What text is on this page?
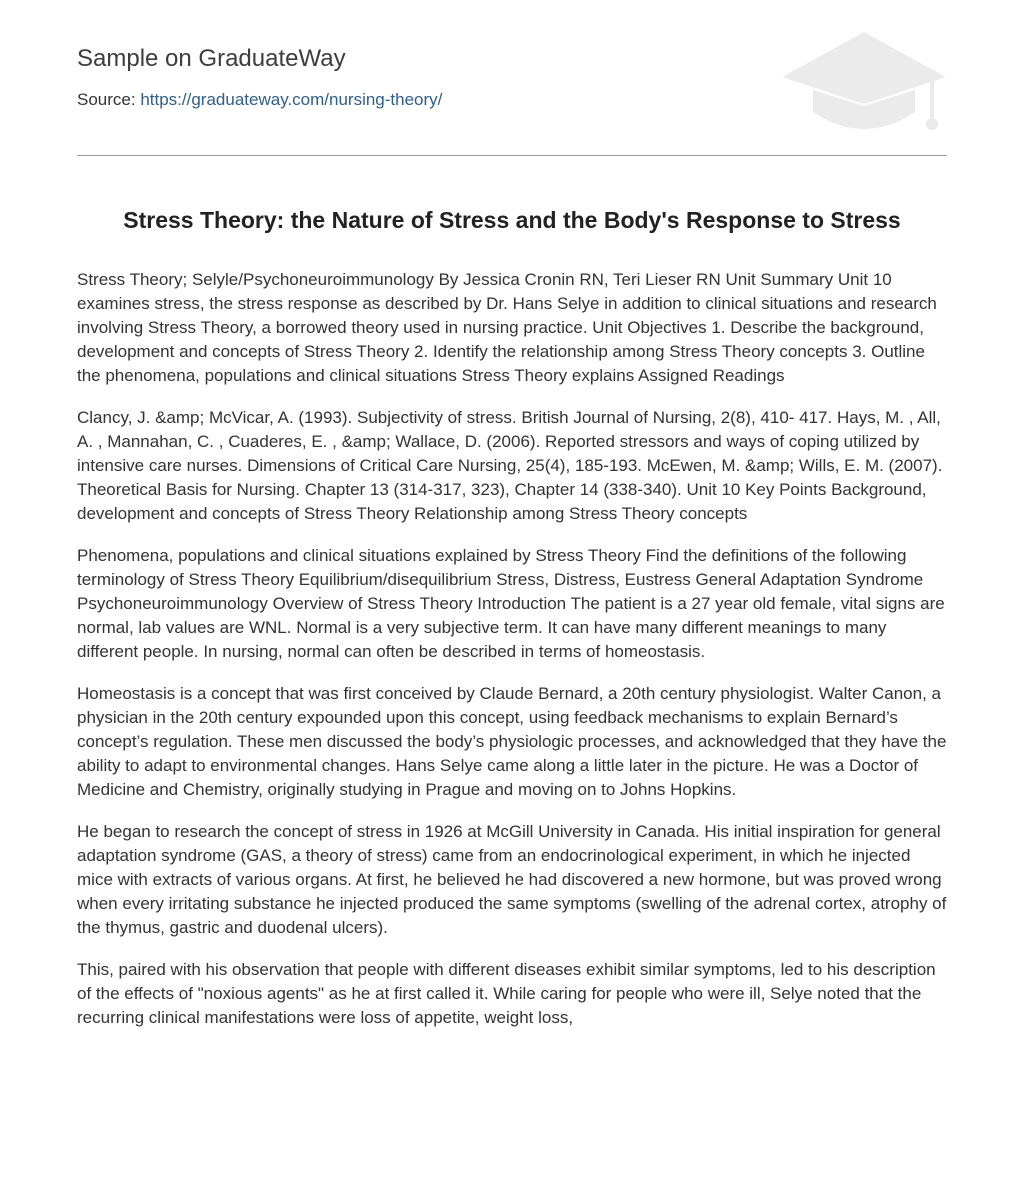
Sample on GraduateWay
Source: https://graduateway.com/nursing-theory/
Stress Theory: the Nature of Stress and the Body's Response to Stress

Stress Theory; Selyle/Psychoneuroimmunology By Jessica Cronin RN, Teri Lieser RN Unit Summary Unit 10 examines stress, the stress response as described by Dr. Hans Selye in addition to clinical situations and research involving Stress Theory, a borrowed theory used in nursing practice. Unit Objectives 1. Describe the background, development and concepts of Stress Theory 2. Identify the relationship among Stress Theory concepts 3. Outline the phenomena, populations and clinical situations Stress Theory explains Assigned Readings

Clancy, J. &amp; McVicar, A. (1993). Subjectivity of stress. British Journal of Nursing, 2(8), 410- 417. Hays, M. , All, A. , Mannahan, C. , Cuaderes, E. , &amp; Wallace, D. (2006). Reported stressors and ways of coping utilized by intensive care nurses. Dimensions of Critical Care Nursing, 25(4), 185-193. McEwen, M. &amp; Wills, E. M. (2007). Theoretical Basis for Nursing. Chapter 13 (314-317, 323), Chapter 14 (338-340). Unit 10 Key Points Background, development and concepts of Stress Theory Relationship among Stress Theory concepts

Phenomena, populations and clinical situations explained by Stress Theory Find the definitions of the following terminology of Stress Theory Equilibrium/disequilibrium Stress, Distress, Eustress General Adaptation Syndrome Psychoneuroimmunology Overview of Stress Theory Introduction The patient is a 27 year old female, vital signs are normal, lab values are WNL. Normal is a very subjective term. It can have many different meanings to many different people. In nursing, normal can often be described in terms of homeostasis.

Homeostasis is a concept that was first conceived by Claude Bernard, a 20th century physiologist. Walter Canon, a physician in the 20th century expounded upon this concept, using feedback mechanisms to explain Bernard’s concept’s regulation. These men discussed the body’s physiologic processes, and acknowledged that they have the ability to adapt to environmental changes. Hans Selye came along a little later in the picture. He was a Doctor of Medicine and Chemistry, originally studying in Prague and moving on to Johns Hopkins.

He began to research the concept of stress in 1926 at McGill University in Canada. His initial inspiration for general adaptation syndrome (GAS, a theory of stress) came from an endocrinological experiment, in which he injected mice with extracts of various organs. At first, he believed he had discovered a new hormone, but was proved wrong when every irritating substance he injected produced the same symptoms (swelling of the adrenal cortex, atrophy of the thymus, gastric and duodenal ulcers).

This, paired with his observation that people with different diseases exhibit similar symptoms, led to his description of the effects of "noxious agents" as he at first called it. While caring for people who were ill, Selye noted that the recurring clinical manifestations were loss of appetite, weight loss,
